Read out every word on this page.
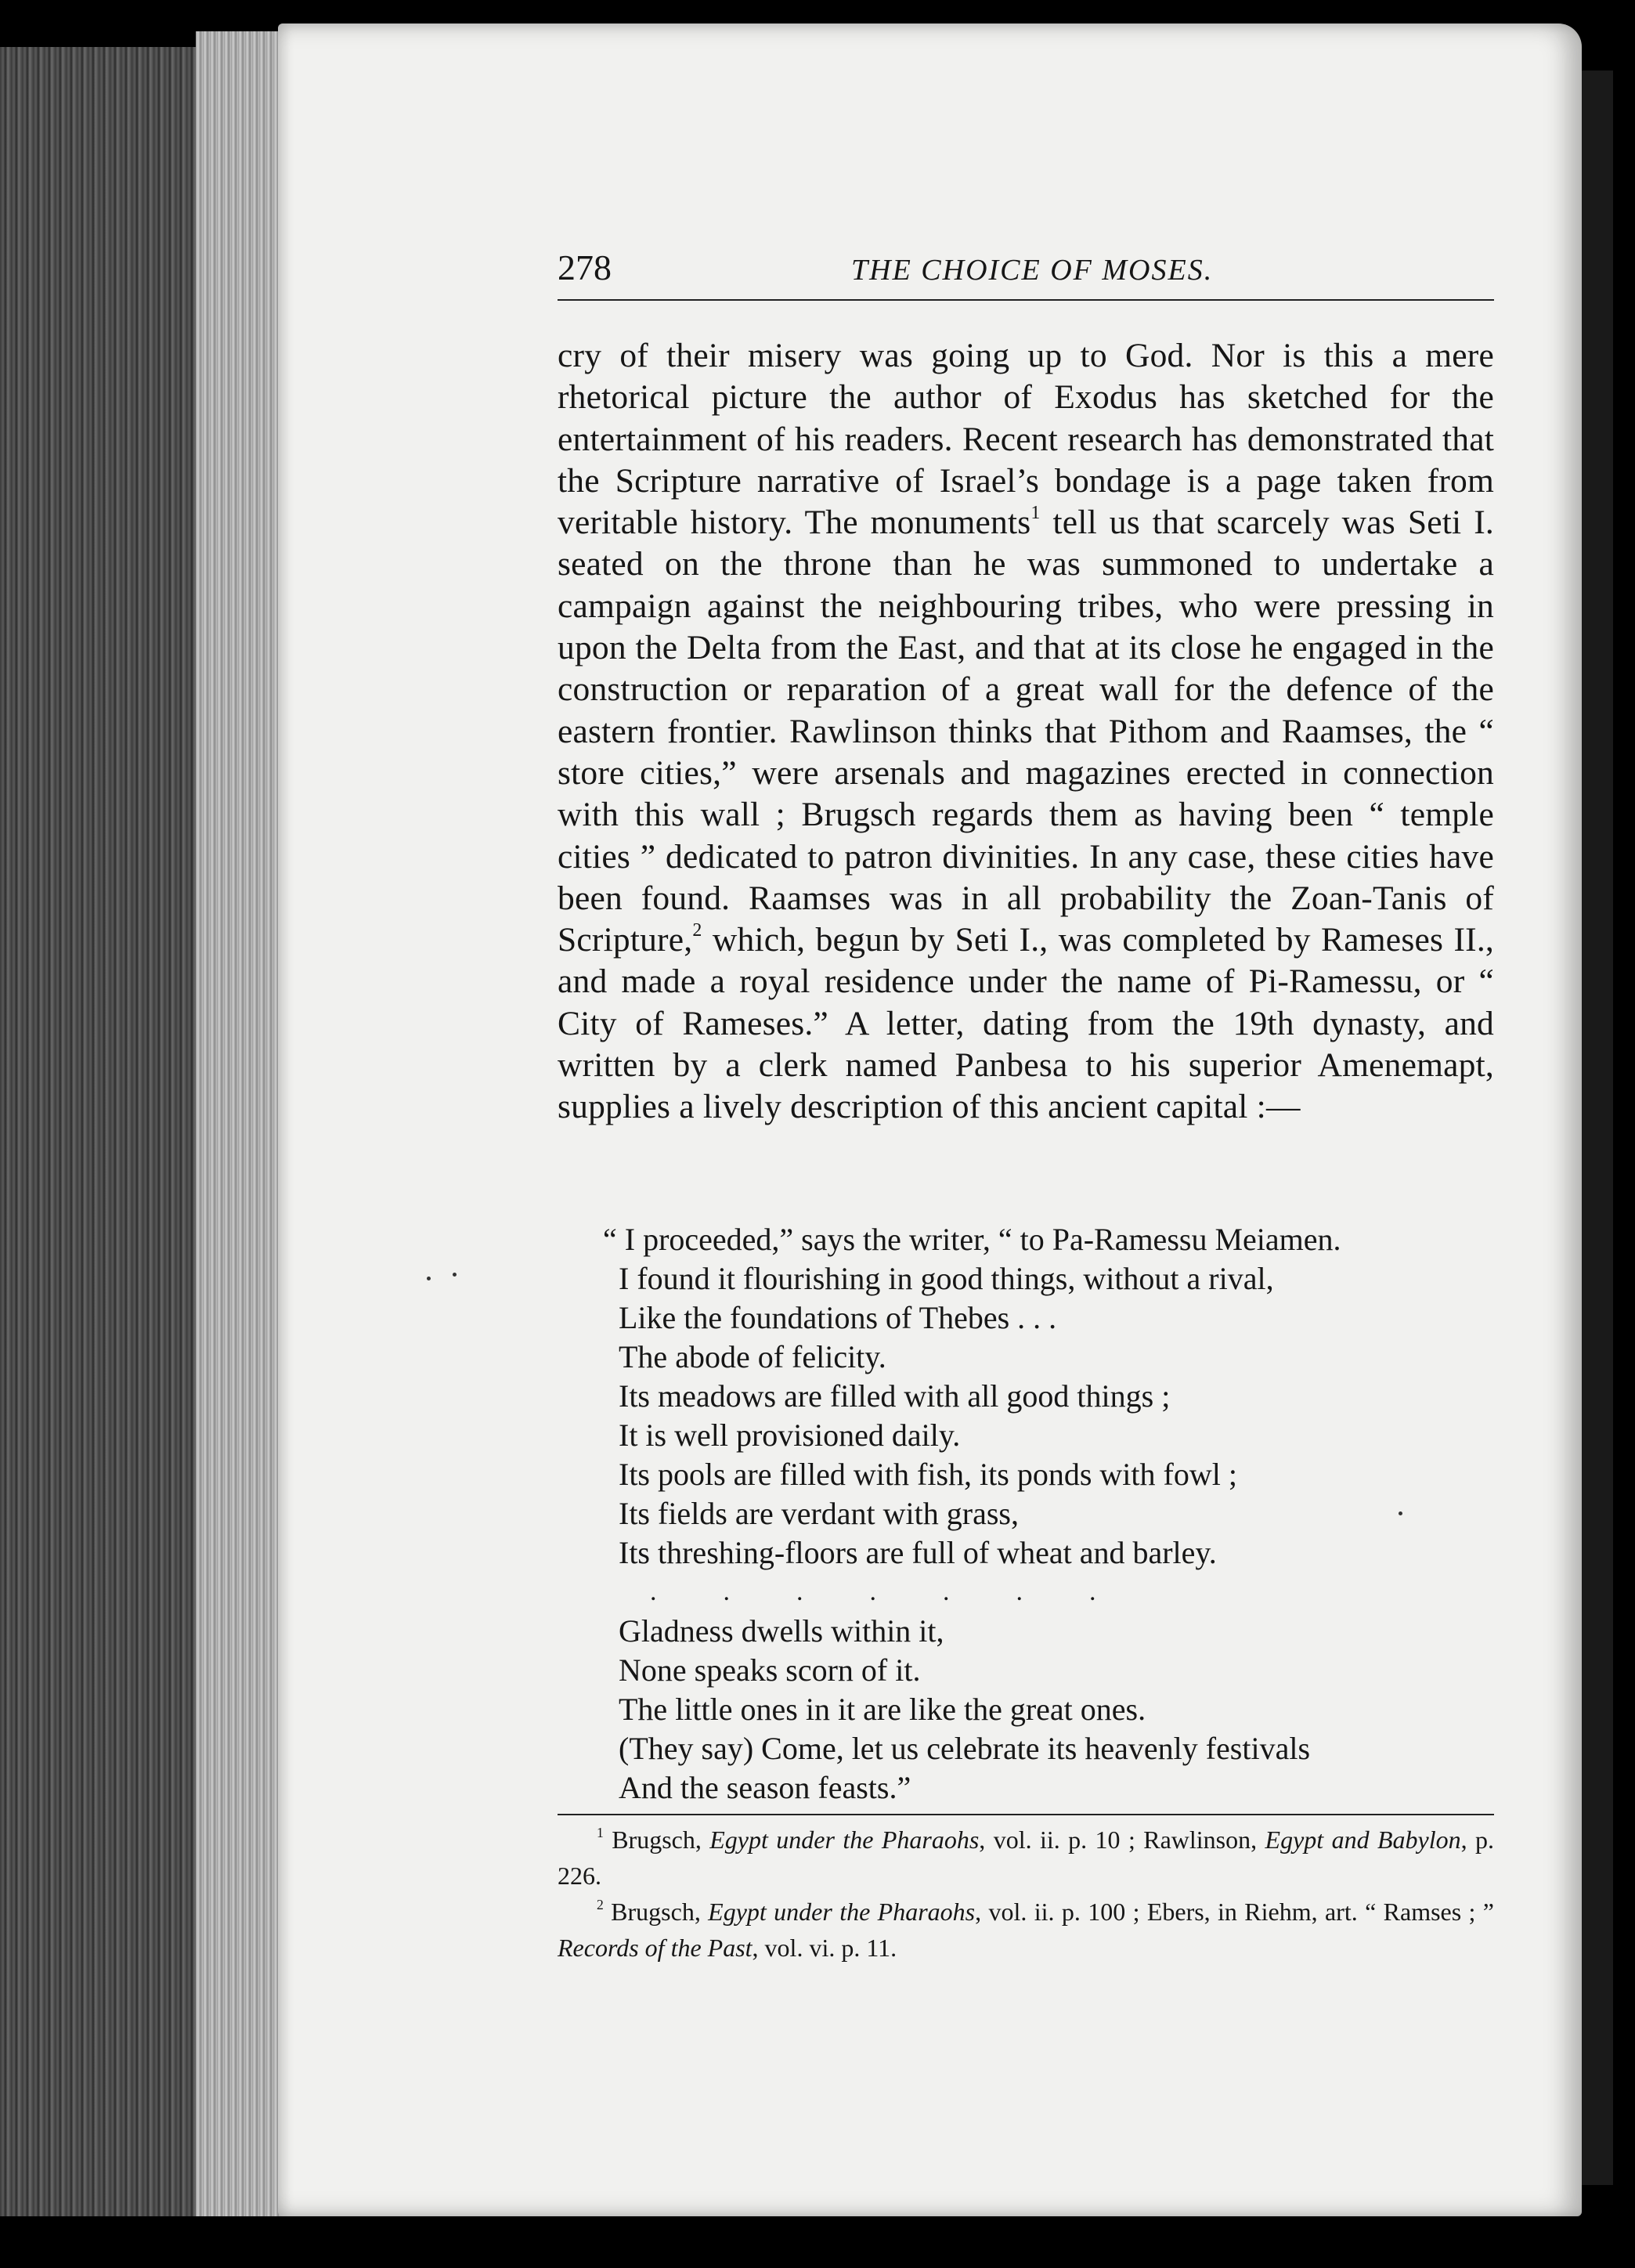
278	THE CHOICE OF MOSES.

cry of their misery was going up to God. Nor is this a mere rhetorical picture the author of Exodus has sketched for the entertainment of his readers. Recent research has demonstrated that the Scripture narrative of Israel’s bondage is a page taken from veritable history. The monuments$^1$ tell us that scarcely was Seti I. seated on the throne than he was summoned to undertake a campaign against the neighbouring tribes, who were pressing in upon the Delta from the East, and that at its close he engaged in the construction or reparation of a great wall for the defence of the eastern frontier. Rawlinson thinks that Pithom and Raamses, the “ store cities,” were arsenals and magazines erected in connection with this wall ; Brugsch regards them as having been “ temple cities ” dedicated to patron divinities. In any case, these cities have been found. Raamses was in all probability the Zoan-Tanis of Scripture,$^2$ which, begun by Seti I., was completed by Rameses II., and made a royal residence under the name of Pi-Ramessu, or “ City of Rameses.” A letter, dating from the 19th dynasty, and written by a clerk named Panbesa to his superior Amenemapt, supplies a lively description of this ancient capital :—

“ I proceeded,” says the writer, “ to Pa-Ramessu Meiamen.
I found it flourishing in good things, without a rival,
Like the foundations of Thebes . . .
The abode of felicity.
Its meadows are filled with all good things ;
It is well provisioned daily.
Its pools are filled with fish, its ponds with fowl ;
Its fields are verdant with grass,
Its threshing-floors are full of wheat and barley.
.          .          .          .          .          .          .
Gladness dwells within it,
None speaks scorn of it.
The little ones in it are like the great ones.
(They say) Come, let us celebrate its heavenly festivals
And the season feasts.”

$^1$ Brugsch, Egypt under the Pharaohs, vol. ii. p. 10 ; Rawlinson, Egypt and Babylon, p. 226.

$^2$ Brugsch, Egypt under the Pharaohs, vol. ii. p. 100 ; Ebers, in Riehm, art. “ Ramses ; ” Records of the Past, vol. vi. p. 11.
